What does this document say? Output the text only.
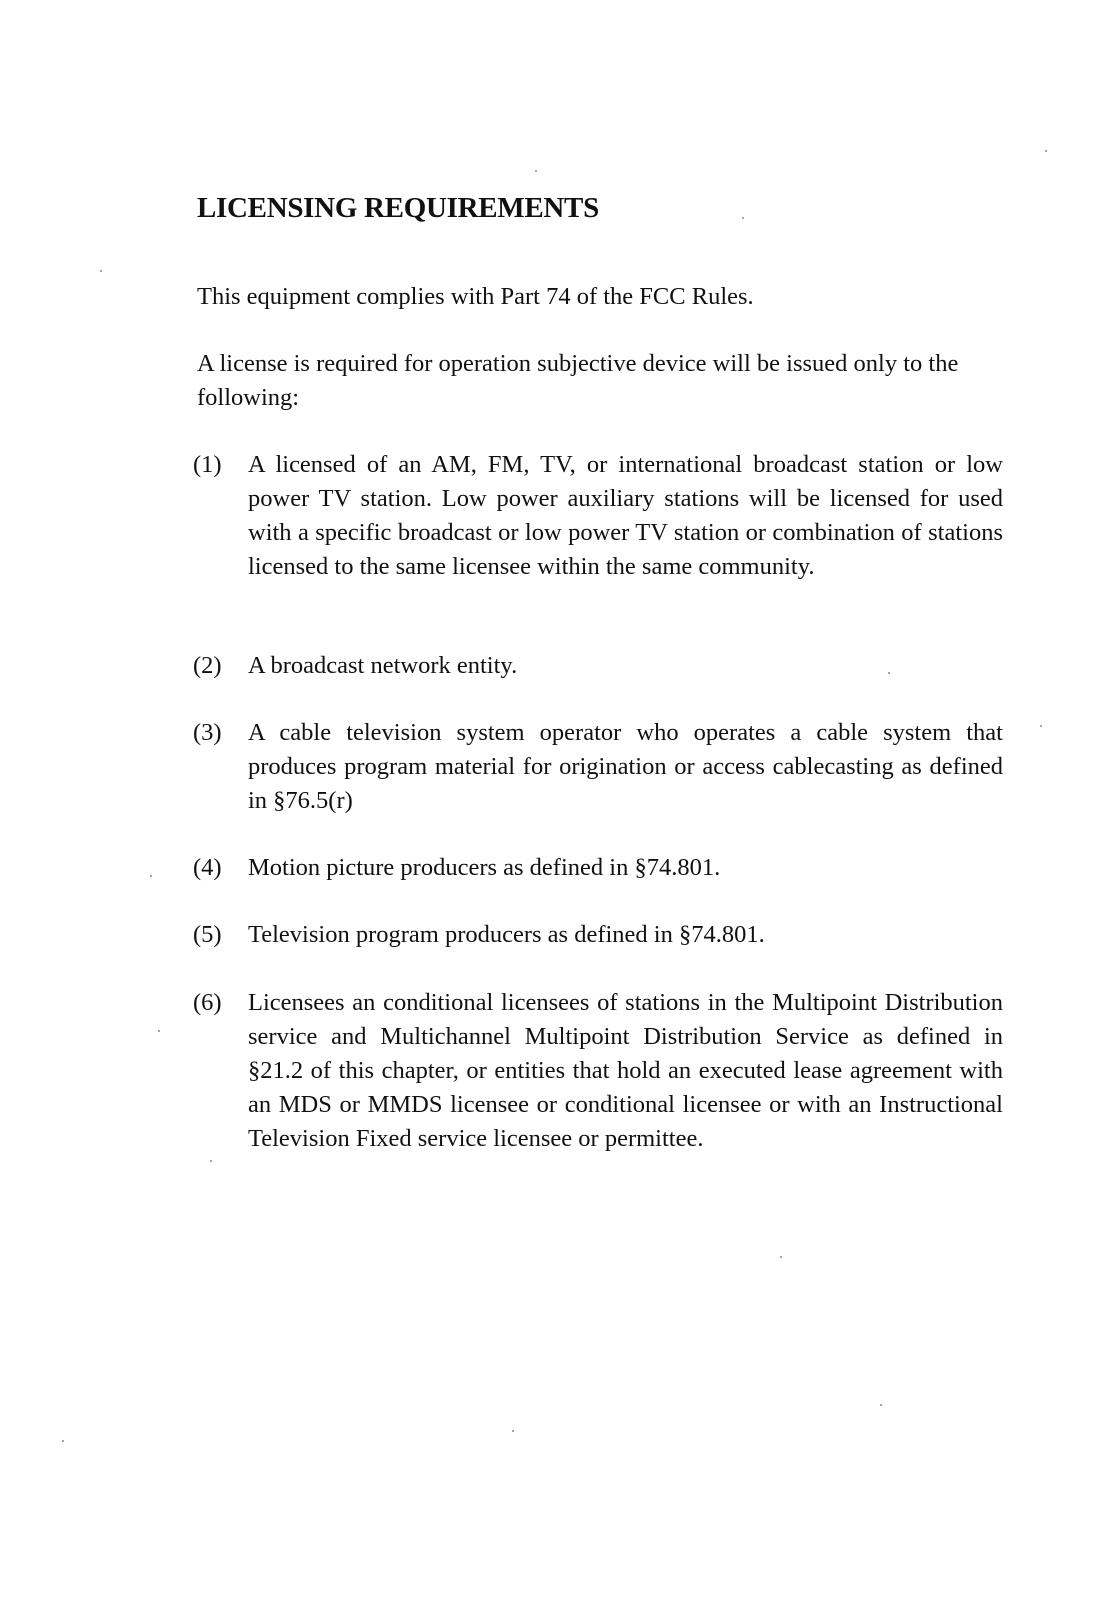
LICENSING REQUIREMENTS

This equipment complies with Part 74 of the FCC Rules.

A license is required for operation subjective device will be issued only to the following:

(1) A licensed of an AM, FM, TV, or international broadcast station or low power TV station. Low power auxiliary stations will be licensed for used with a specific broadcast or low power TV station or combination of stations licensed to the same licensee within the same community.
(2) A broadcast network entity.
(3) A cable television system operator who operates a cable system that produces program material for origination or access cablecasting as defined in §76.5(r)
(4) Motion picture producers as defined in §74.801.
(5) Television program producers as defined in §74.801.
(6) Licensees an conditional licensees of stations in the Multipoint Distribution service and Multichannel Multipoint Distribution Service as defined in §21.2 of this chapter, or entities that hold an executed lease agreement with an MDS or MMDS licensee or conditional licensee or with an Instructional Television Fixed service licensee or permittee.
